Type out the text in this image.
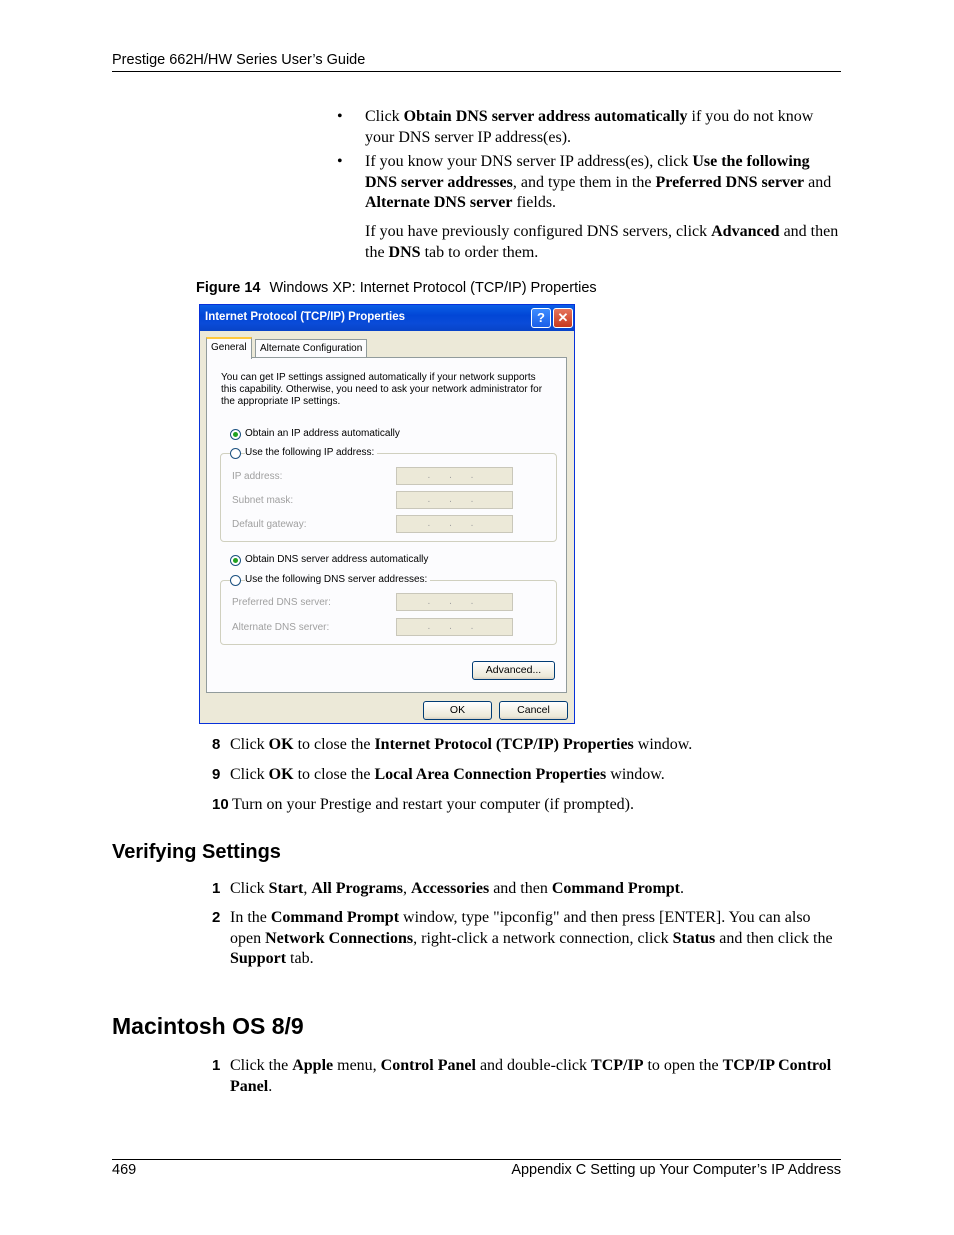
Prestige 662H/HW Series User’s Guide
469	Appendix C Setting up Your Computer’s IP Address
• Click Obtain DNS server address automatically if you do not know your DNS server IP address(es).
• If you know your DNS server IP address(es), click Use the following DNS server addresses, and type them in the Preferred DNS server and Alternate DNS server fields.
If you have previously configured DNS servers, click Advanced and then the DNS tab to order them.
Figure 14 Windows XP: Internet Protocol (TCP/IP) Properties
Internet Protocol (TCP/IP) Properties	? ✕
General	Alternate Configuration
You can get IP settings assigned automatically if your network supports this capability. Otherwise, you need to ask your network administrator for the appropriate IP settings.
Obtain an IP address automatically
Use the following IP address:
IP address:	. . .
Subnet mask:	. . .
Default gateway:	. . .
Obtain DNS server address automatically
Use the following DNS server addresses:
Preferred DNS server:	. . .
Alternate DNS server:	. . .
Advanced...
OK	Cancel
8 Click OK to close the Internet Protocol (TCP/IP) Properties window.
9 Click OK to close the Local Area Connection Properties window.
10 Turn on your Prestige and restart your computer (if prompted).
Verifying Settings
1 Click Start, All Programs, Accessories and then Command Prompt.
2 In the Command Prompt window, type "ipconfig" and then press [ENTER]. You can also open Network Connections, right-click a network connection, click Status and then click the Support tab.
Macintosh OS 8/9
1 Click the Apple menu, Control Panel and double-click TCP/IP to open the TCP/IP Control Panel.
